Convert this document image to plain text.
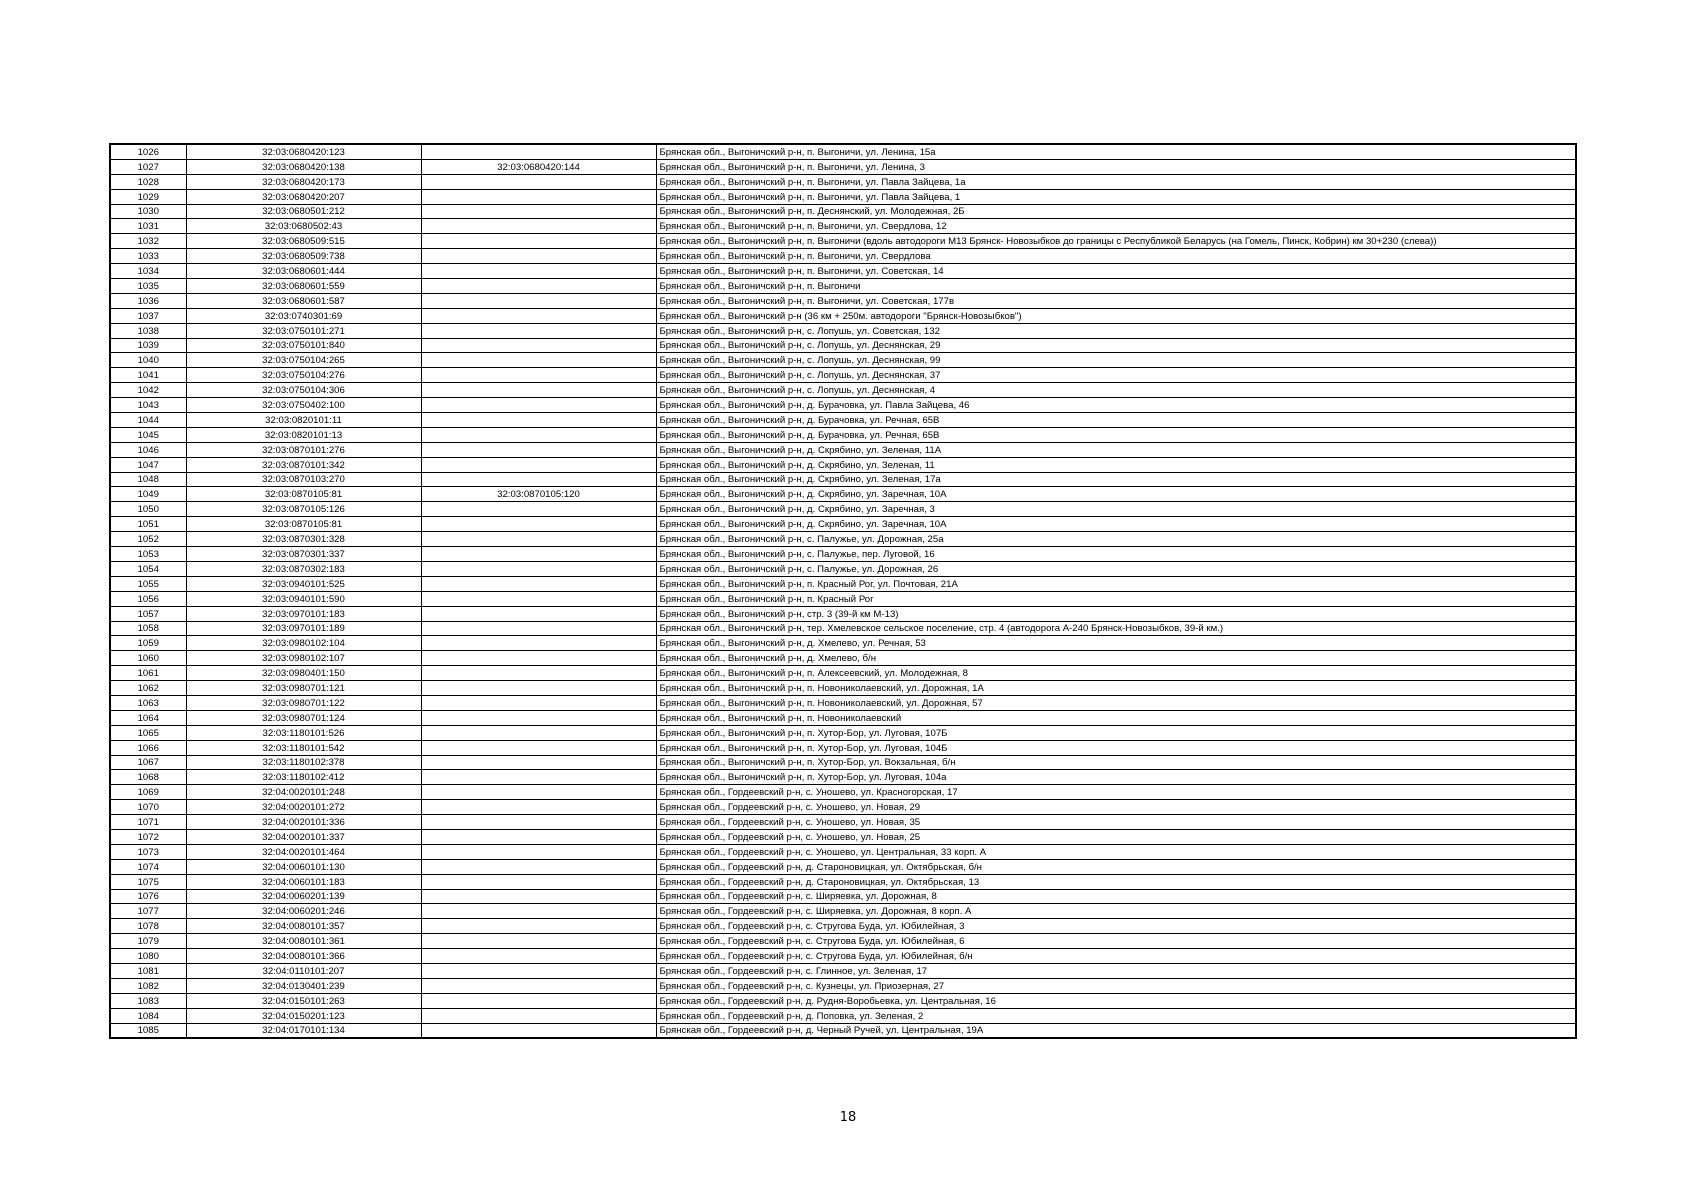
1026	32:03:0680420:123		Брянская обл., Выгоничский р-н, п. Выгоничи, ул. Ленина, 15а
1027	32:03:0680420:138	32:03:0680420:144	Брянская обл., Выгоничский р-н, п. Выгоничи, ул. Ленина, 3
1028	32:03:0680420:173		Брянская обл., Выгоничский р-н, п. Выгоничи, ул. Павла Зайцева, 1а
1029	32:03:0680420:207		Брянская обл., Выгоничский р-н, п. Выгоничи, ул. Павла Зайцева, 1
1030	32:03:0680501:212		Брянская обл., Выгоничский р-н, п. Деснянский, ул. Молодежная, 2Б
1031	32:03:0680502:43		Брянская обл., Выгоничский р-н, п. Выгоничи, ул. Свердлова, 12
1032	32:03:0680509:515		Брянская обл., Выгоничский р-н, п. Выгоничи (вдоль автодороги М13 Брянск- Новозыбков до границы с Республикой Беларусь (на Гомель, Пинск, Кобрин) км 30+230 (слева))
1033	32:03:0680509:738		Брянская обл., Выгоничский р-н, п. Выгоничи, ул. Свердлова
1034	32:03:0680601:444		Брянская обл., Выгоничский р-н, п. Выгоничи, ул. Советская, 14
1035	32:03:0680601:559		Брянская обл., Выгоничский р-н, п. Выгоничи
1036	32:03:0680601:587		Брянская обл., Выгоничский р-н, п. Выгоничи, ул. Советская, 177в
1037	32:03:0740301:69		Брянская обл., Выгоничский р-н (36 км + 250м. автодороги "Брянск-Новозыбков")
1038	32:03:0750101:271		Брянская обл., Выгоничский р-н, с. Лопушь, ул. Советская, 132
1039	32:03:0750101:840		Брянская обл., Выгоничский р-н, с. Лопушь, ул. Деснянская, 29
1040	32:03:0750104:265		Брянская обл., Выгоничский р-н, с. Лопушь, ул. Деснянская, 99
1041	32:03:0750104:276		Брянская обл., Выгоничский р-н, с. Лопушь, ул. Деснянская, 37
1042	32:03:0750104:306		Брянская обл., Выгоничский р-н, с. Лопушь, ул. Деснянская, 4
1043	32:03:0750402:100		Брянская обл., Выгоничский р-н, д. Бурачовка, ул. Павла Зайцева, 46
1044	32:03:0820101:11		Брянская обл., Выгоничский р-н, д. Бурачовка, ул. Речная, 65В
1045	32:03:0820101:13		Брянская обл., Выгоничский р-н, д. Бурачовка, ул. Речная, 65В
1046	32:03:0870101:276		Брянская обл., Выгоничский р-н, д. Скрябино, ул. Зеленая, 11А
1047	32:03:0870101:342		Брянская обл., Выгоничский р-н, д. Скрябино, ул. Зеленая, 11
1048	32:03:0870103:270		Брянская обл., Выгоничский р-н, д. Скрябино, ул. Зеленая, 17а
1049	32:03:0870105:81	32:03:0870105:120	Брянская обл., Выгоничский р-н, д. Скрябино, ул. Заречная, 10А
1050	32:03:0870105:126		Брянская обл., Выгоничский р-н, д. Скрябино, ул. Заречная, 3
1051	32:03:0870105:81		Брянская обл., Выгоничский р-н, д. Скрябино, ул. Заречная, 10А
1052	32:03:0870301:328		Брянская обл., Выгоничский р-н, с. Палужье, ул. Дорожная, 25а
1053	32:03:0870301:337		Брянская обл., Выгоничский р-н, с. Палужье, пер. Луговой, 16
1054	32:03:0870302:183		Брянская обл., Выгоничский р-н, с. Палужье, ул. Дорожная, 26
1055	32:03:0940101:525		Брянская обл., Выгоничский р-н, п. Красный Рог, ул. Почтовая, 21А
1056	32:03:0940101:590		Брянская обл., Выгоничский р-н, п. Красный Рог
1057	32:03:0970101:183		Брянская обл., Выгоничский р-н, стр. 3 (39-й км М-13)
1058	32:03:0970101:189		Брянская обл., Выгоничский р-н, тер. Хмелевское сельское поселение, стр. 4 (автодорога А-240 Брянск-Новозыбков, 39-й км.)
1059	32:03:0980102:104		Брянская обл., Выгоничский р-н, д. Хмелево, ул. Речная, 53
1060	32:03:0980102:107		Брянская обл., Выгоничский р-н, д. Хмелево, б/н
1061	32:03:0980401:150		Брянская обл., Выгоничский р-н, п. Алексеевский, ул. Молодежная, 8
1062	32:03:0980701:121		Брянская обл., Выгоничский р-н, п. Новониколаевский, ул. Дорожная, 1А
1063	32:03:0980701:122		Брянская обл., Выгоничский р-н, п. Новониколаевский, ул. Дорожная, 57
1064	32:03:0980701:124		Брянская обл., Выгоничский р-н, п. Новониколаевский
1065	32:03:1180101:526		Брянская обл., Выгоничский р-н, п. Хутор-Бор, ул. Луговая, 107Б
1066	32:03:1180101:542		Брянская обл., Выгоничский р-н, п. Хутор-Бор, ул. Луговая, 104Б
1067	32:03:1180102:378		Брянская обл., Выгоничский р-н, п. Хутор-Бор, ул. Вокзальная, б/н
1068	32:03:1180102:412		Брянская обл., Выгоничский р-н, п. Хутор-Бор, ул. Луговая, 104а
1069	32:04:0020101:248		Брянская обл., Гордеевский р-н, с. Уношево, ул. Красногорская, 17
1070	32:04:0020101:272		Брянская обл., Гордеевский р-н, с. Уношево, ул. Новая, 29
1071	32:04:0020101:336		Брянская обл., Гордеевский р-н, с. Уношево, ул. Новая, 35
1072	32:04:0020101:337		Брянская обл., Гордеевский р-н, с. Уношево, ул. Новая, 25
1073	32:04:0020101:464		Брянская обл., Гордеевский р-н, с. Уношево, ул. Центральная, 33 корп. А
1074	32:04:0060101:130		Брянская обл., Гордеевский р-н, д. Староновицкая, ул. Октябрьская, б/н
1075	32:04:0060101:183		Брянская обл., Гордеевский р-н, д. Староновицкая, ул. Октябрьская, 13
1076	32:04:0060201:139		Брянская обл., Гордеевский р-н, с. Ширяевка, ул. Дорожная, 8
1077	32:04:0060201:246		Брянская обл., Гордеевский р-н, с. Ширяевка, ул. Дорожная, 8 корп. А
1078	32:04:0080101:357		Брянская обл., Гордеевский р-н, с. Стругова Буда, ул. Юбилейная, 3
1079	32:04:0080101:361		Брянская обл., Гордеевский р-н, с. Стругова Буда, ул. Юбилейная, 6
1080	32:04:0080101:366		Брянская обл., Гордеевский р-н, с. Стругова Буда, ул. Юбилейная, б/н
1081	32:04:0110101:207		Брянская обл., Гордеевский р-н, с. Глинное, ул. Зеленая, 17
1082	32:04:0130401:239		Брянская обл., Гордеевский р-н, с. Кузнецы, ул. Приозерная, 27
1083	32:04:0150101:263		Брянская обл., Гордеевский р-н, д. Рудня-Воробьевка, ул. Центральная, 16
1084	32:04:0150201:123		Брянская обл., Гордеевский р-н, д. Поповка, ул. Зеленая, 2
1085	32:04:0170101:134		Брянская обл., Гордеевский р-н, д. Черный Ручей, ул. Центральная, 19А
18
